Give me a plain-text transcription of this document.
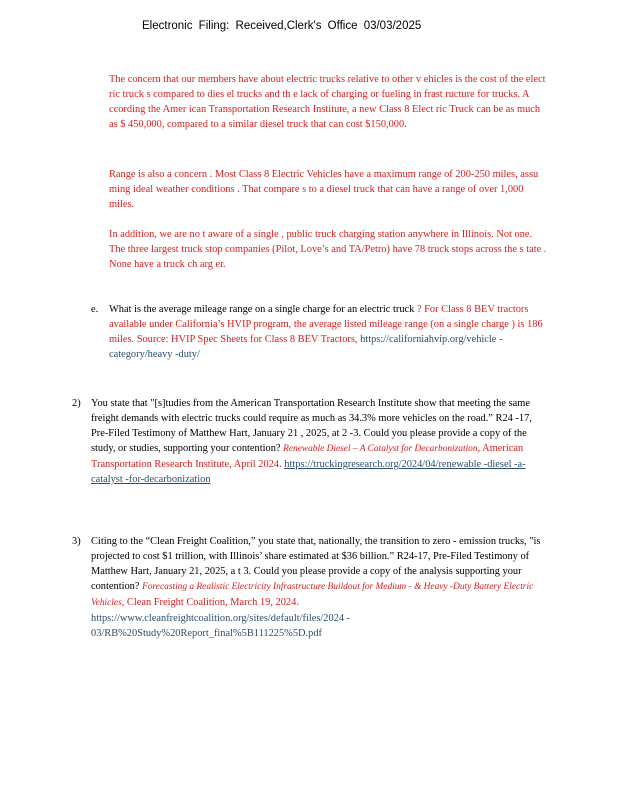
Electronic Filing: Received,Clerk's Office 03/03/2025
The concern that our members have about electric trucks relative to other v ehicles is the cost of the elect ric truck s compared to dies el trucks and th e lack of charging or fueling in frast ructure for trucks. A ccording the Amer ican Transportation Research Institute, a new Class 8 Elect ric Truck can be as much as $ 450,000, compared to a similar diesel truck that can cost $150,000.
Range is also a concern . Most Class 8 Electric Vehicles have a maximum range of 200-250 miles, assu ming ideal weather conditions . That compare s to a diesel truck that can have a range of over 1,000 miles.
In addition, we are no t aware of a single , public truck charging station anywhere in Illinois. Not one. The three largest truck stop companies (Pilot, Love’s and TA/Petro) have 78 truck stops across the s tate . None have a truck ch arg er.
e. What is the average mileage range on a single charge for an electric truck ? For Class 8 BEV tractors available under California’s HVIP program, the average listed mileage range (on a single charge ) is 186 miles. Source: HVIP Spec Sheets for Class 8 BEV Tractors, https://californiahvip.org/vehicle -category/heavy -duty/
2) You state that "[s]tudies from the American Transportation Research Institute show that meeting the same freight demands with electric trucks could require as much as 34.3% more vehicles on the road.” R24 -17, Pre-Filed Testimony of Matthew Hart, January 21 , 2025, at 2 -3. Could you please provide a copy of the study, or studies, supporting your contention? Renewable Diesel – A Catalyst for Decarbonization, American Transportation Research Institute, April 2024. https://truckingresearch.org/2024/04/renewable -diesel -a-catalyst -for-decarbonization
3) Citing to the “Clean Freight Coalition,” you state that, nationally, the transition to zero - emission trucks, "is projected to cost $1 trillion, with Illinois’ share estimated at $36 billion.” R24-17, Pre-Filed Testimony of Matthew Hart, January 21, 2025, a t 3. Could you please provide a copy of the analysis supporting your contention? Forecasting a Realistic Electricity Infrastructure Buildout for Medium - & Heavy -Duty Battery Electric Vehicles, Clean Freight Coalition, March 19, 2024. https://www.cleanfreightcoalition.org/sites/default/files/2024 - 03/RB%20Study%20Report_final%5B111225%5D.pdf
